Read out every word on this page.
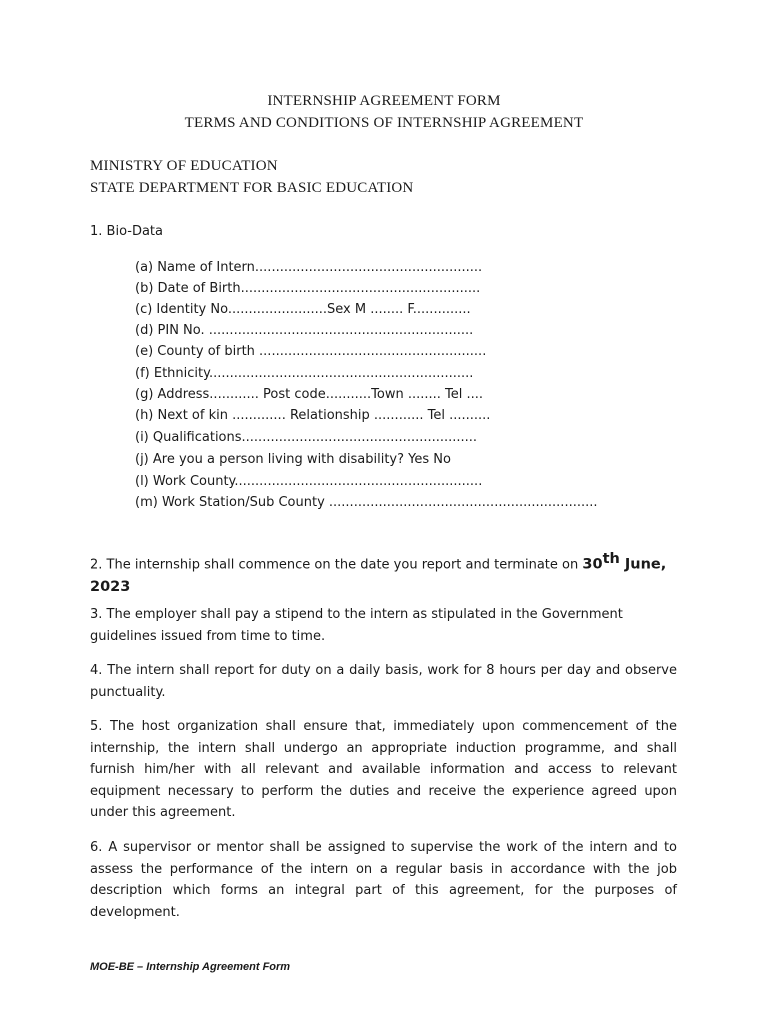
INTERNSHIP AGREEMENT FORM
TERMS AND CONDITIONS OF INTERNSHIP AGREEMENT
MINISTRY OF EDUCATION
STATE DEPARTMENT FOR BASIC EDUCATION
1. Bio-Data
(a) Name of Intern.......................................................
(b) Date of Birth..........................................................
(c) Identity No........................Sex M ........ F..............
(d) PIN No. ................................................................
(e) County of birth .......................................................
(f) Ethnicity................................................................
(g) Address............ Post code...........Town ........ Tel ....
(h) Next of kin ............. Relationship ............ Tel ..........
(i) Qualifications.........................................................
(j) Are you a person living with disability? Yes No
(l) Work County............................................................
(m) Work Station/Sub County .................................................................
2. The internship shall commence on the date you report and terminate on 30th June,
2023
3. The employer shall pay a stipend to the intern as stipulated in the Government guidelines issued from time to time.
4. The intern shall report for duty on a daily basis, work for 8 hours per day and observe punctuality.
5. The host organization shall ensure that, immediately upon commencement of the internship, the intern shall undergo an appropriate induction programme, and shall furnish him/her with all relevant and available information and access to relevant equipment necessary to perform the duties and receive the experience agreed upon under this agreement.
6. A supervisor or mentor shall be assigned to supervise the work of the intern and to assess the performance of the intern on a regular basis in accordance with the job description which forms an integral part of this agreement, for the purposes of development.
MOE-BE – Internship Agreement Form
